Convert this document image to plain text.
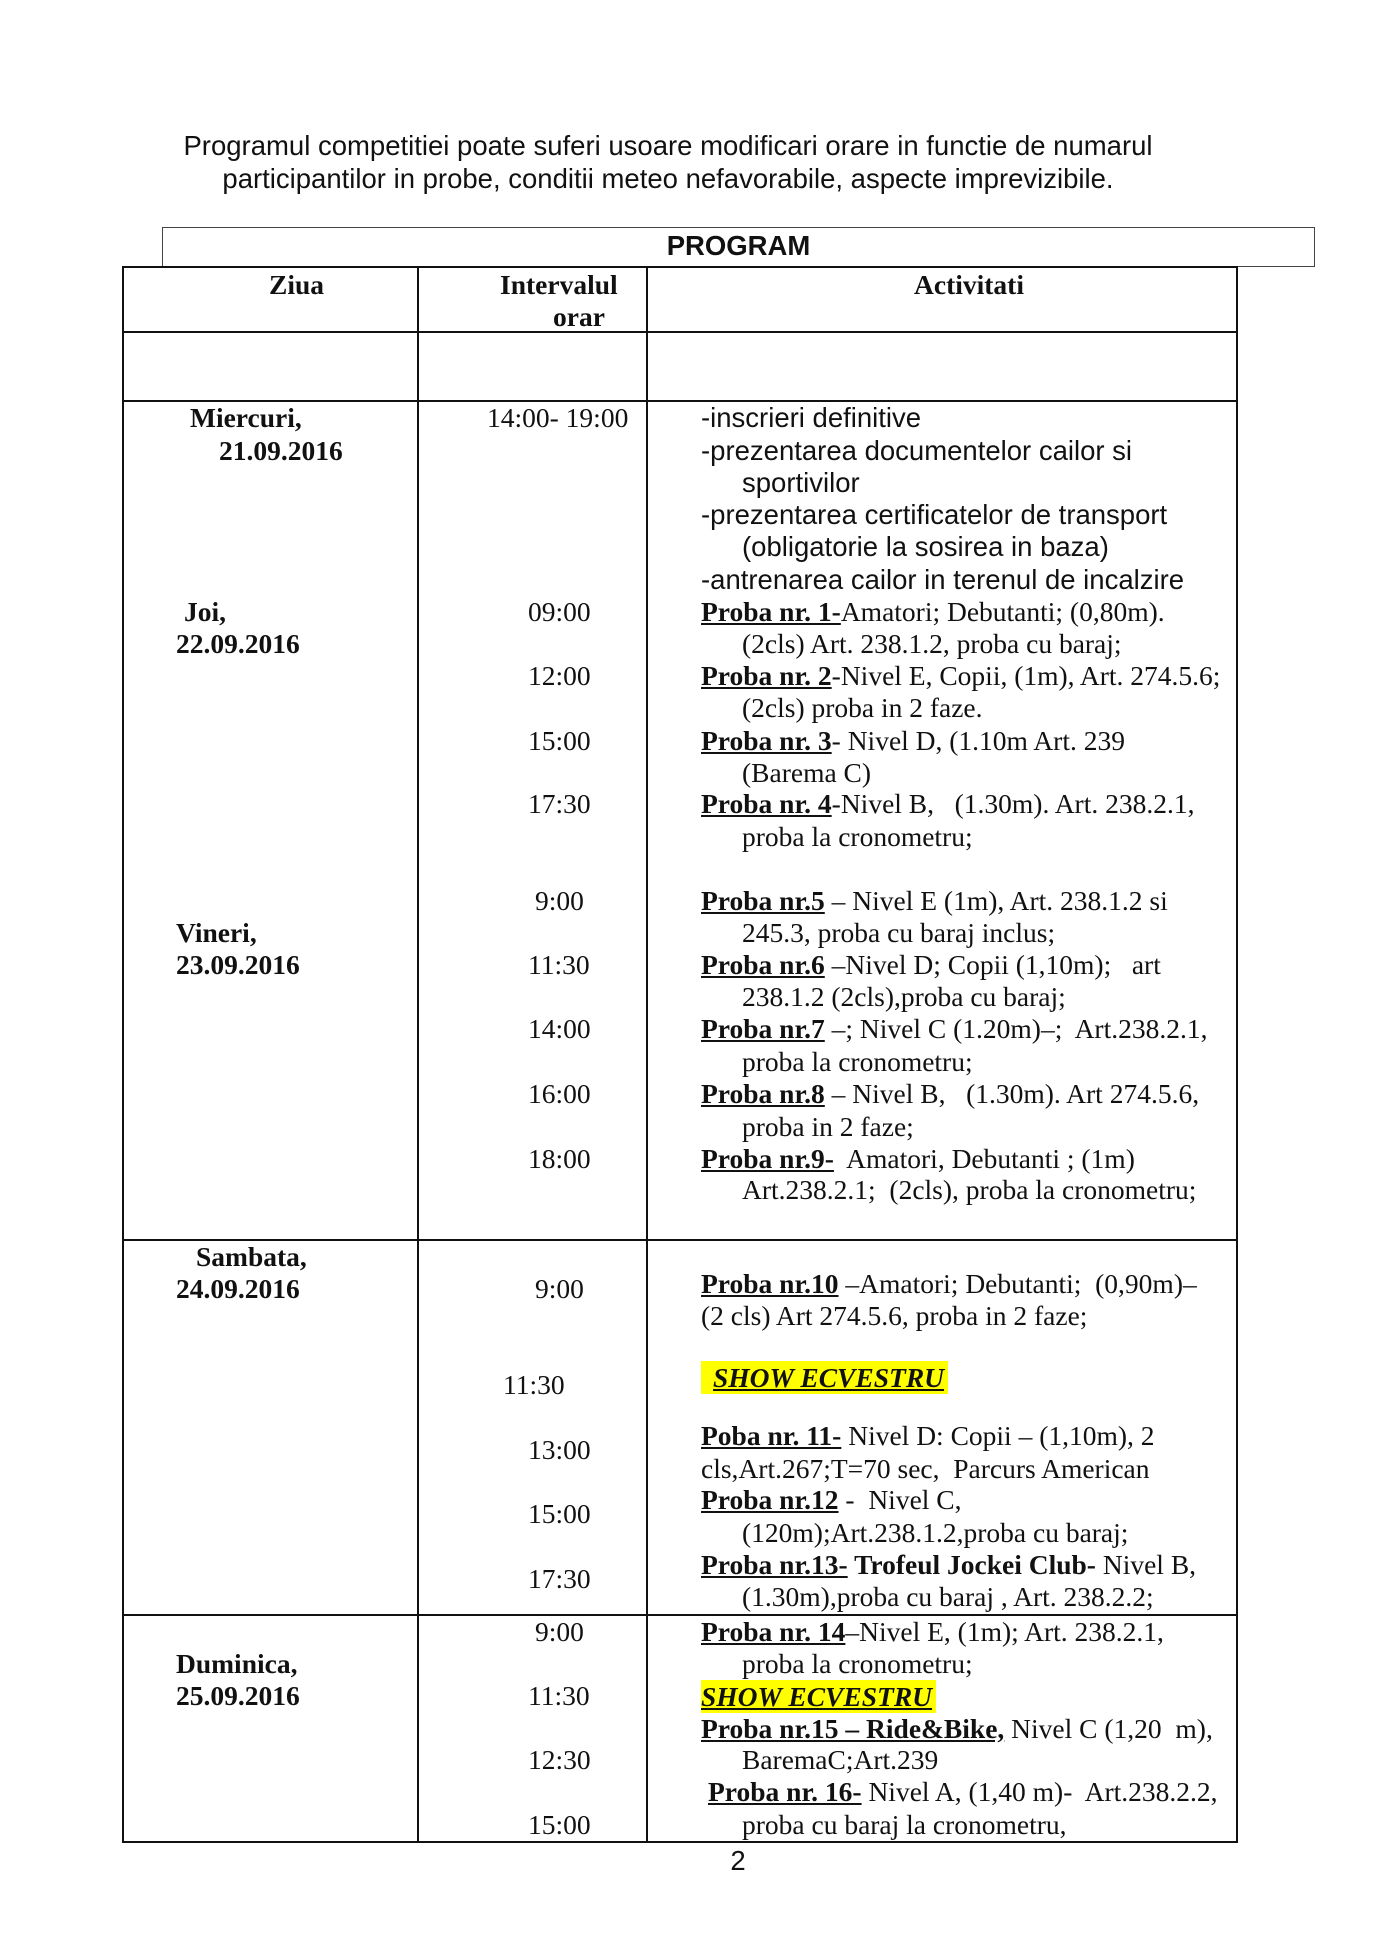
Programul competitiei poate suferi usoare modificari orare in functie de numarul
participantilor in probe, conditii meteo nefavorabile, aspecte imprevizibile.
PROGRAM
Ziua	Intervalul
orar
Activitati
Miercuri,
21.09.2016
Joi,
22.09.2016
Vineri,
23.09.2016
Sambata,
24.09.2016
Duminica,
25.09.2016
14:00- 19:00
09:00
12:00
15:00
17:30
9:00
11:30
14:00
16:00
18:00
9:00
11:30
13:00
15:00
17:30
9:00
11:30
12:30
15:00
-inscrieri definitive
-prezentarea documentelor cailor si
sportivilor
-prezentarea certificatelor de transport
(obligatorie la sosirea in baza)
-antrenarea cailor in terenul de incalzire
Proba nr. 1-Amatori; Debutanti; (0,80m).
(2cls) Art. 238.1.2, proba cu baraj;
Proba nr. 2-Nivel E, Copii, (1m), Art. 274.5.6;
(2cls) proba in 2 faze.
Proba nr. 3- Nivel D, (1.10m Art. 239
(Barema C)
Proba nr. 4-Nivel B,   (1.30m). Art. 238.2.1,
proba la cronometru;
Proba nr.5 – Nivel E (1m), Art. 238.1.2 si
245.3, proba cu baraj inclus;
Proba nr.6 –Nivel D; Copii (1,10m);   art
238.1.2 (2cls),proba cu baraj;
Proba nr.7 –; Nivel C (1.20m)–;  Art.238.2.1,
proba la cronometru;
Proba nr.8 – Nivel B,   (1.30m). Art 274.5.6,
proba in 2 faze;
Proba nr.9-  Amatori, Debutanti ; (1m)
Art.238.2.1;  (2cls), proba la cronometru;
Proba nr.10 –Amatori; Debutanti;  (0,90m)–
(2 cls) Art 274.5.6, proba in 2 faze;
SHOW ECVESTRU
Poba nr. 11- Nivel D: Copii – (1,10m), 2
cls,Art.267;T=70 sec,  Parcurs American
Proba nr.12 -  Nivel C,
(120m);Art.238.1.2,proba cu baraj;
Proba nr.13- Trofeul Jockei Club- Nivel B,
(1.30m),proba cu baraj , Art. 238.2.2;
Proba nr. 14–Nivel E, (1m); Art. 238.2.1,
proba la cronometru;
SHOW ECVESTRU
Proba nr.15 – Ride&Bike, Nivel C (1,20  m),
BaremaC;Art.239
Proba nr. 16- Nivel A, (1,40 m)-  Art.238.2.2,
proba cu baraj la cronometru,
2
